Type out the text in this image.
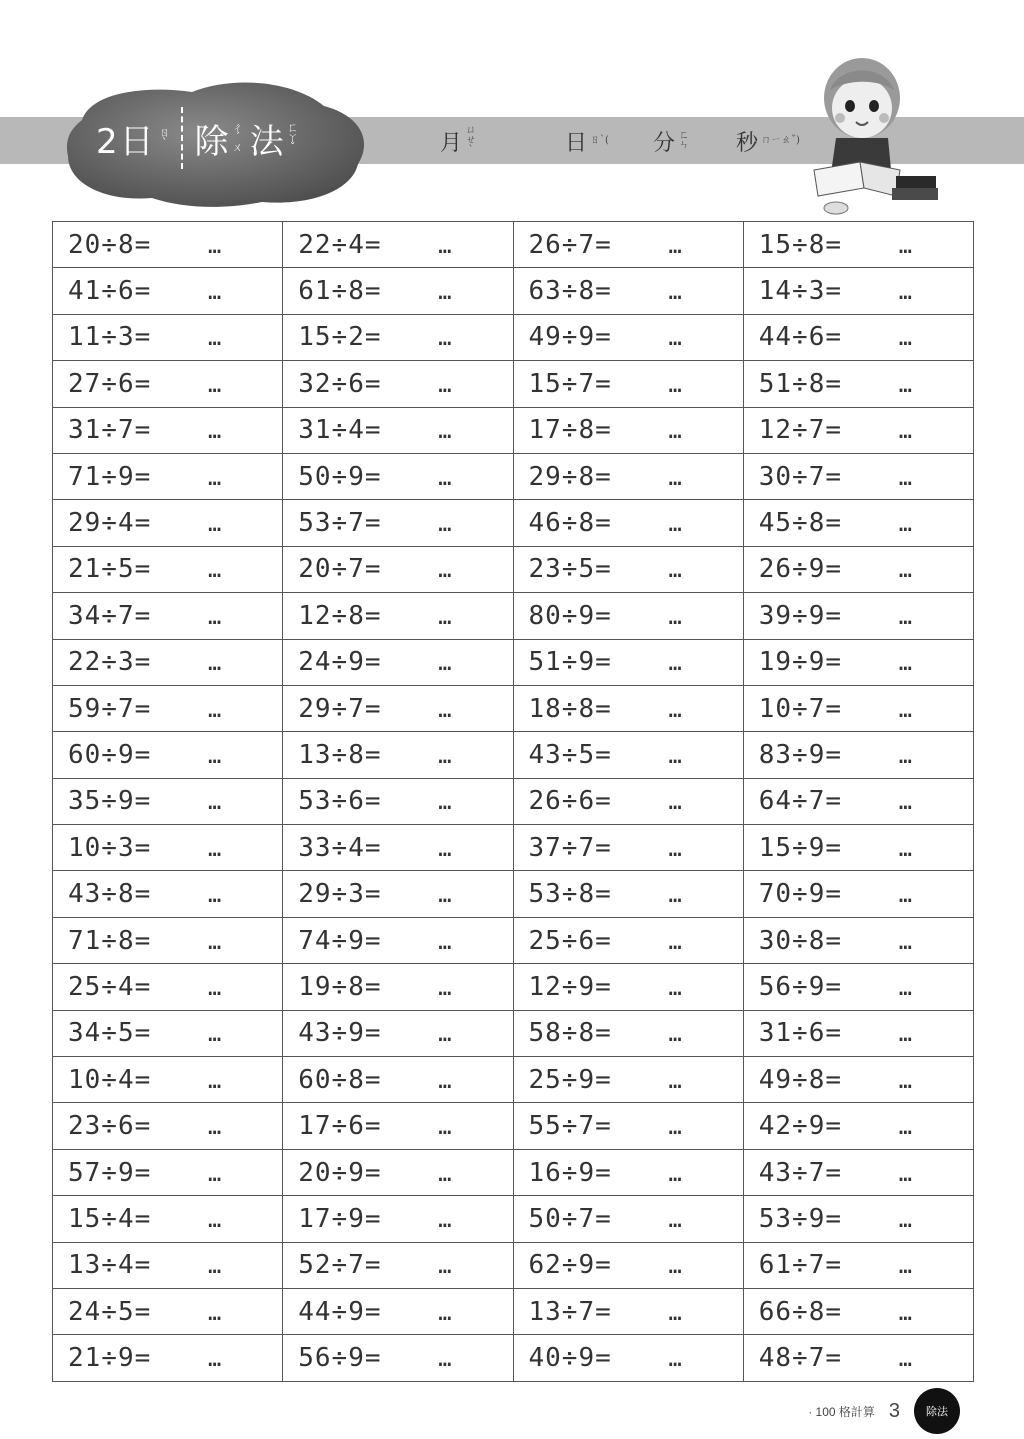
2日 ㄖˋ 除 ㄔˊㄨ 法 ㄈㄚˇ	月 ㄩㄝˋ	日 ㄖˋ( 分 ㄈㄣ 秒 ㄇㄧㄠˇ)
20÷8= …	22÷4= …	26÷7= …	15÷8= …
41÷6= …	61÷8= …	63÷8= …	14÷3= …
11÷3= …	15÷2= …	49÷9= …	44÷6= …
27÷6= …	32÷6= …	15÷7= …	51÷8= …
31÷7= …	31÷4= …	17÷8= …	12÷7= …
71÷9= …	50÷9= …	29÷8= …	30÷7= …
29÷4= …	53÷7= …	46÷8= …	45÷8= …
21÷5= …	20÷7= …	23÷5= …	26÷9= …
34÷7= …	12÷8= …	80÷9= …	39÷9= …
22÷3= …	24÷9= …	51÷9= …	19÷9= …
59÷7= …	29÷7= …	18÷8= …	10÷7= …
60÷9= …	13÷8= …	43÷5= …	83÷9= …
35÷9= …	53÷6= …	26÷6= …	64÷7= …
10÷3= …	33÷4= …	37÷7= …	15÷9= …
43÷8= …	29÷3= …	53÷8= …	70÷9= …
71÷8= …	74÷9= …	25÷6= …	30÷8= …
25÷4= …	19÷8= …	12÷9= …	56÷9= …
34÷5= …	43÷9= …	58÷8= …	31÷6= …
10÷4= …	60÷8= …	25÷9= …	49÷8= …
23÷6= …	17÷6= …	55÷7= …	42÷9= …
57÷9= …	20÷9= …	16÷9= …	43÷7= …
15÷4= …	17÷9= …	50÷7= …	53÷9= …
13÷4= …	52÷7= …	62÷9= …	61÷7= …
24÷5= …	44÷9= …	13÷7= …	66÷8= …
21÷9= …	56÷9= …	40÷9= …	48÷7= …
· 100 格計算 3	除法
